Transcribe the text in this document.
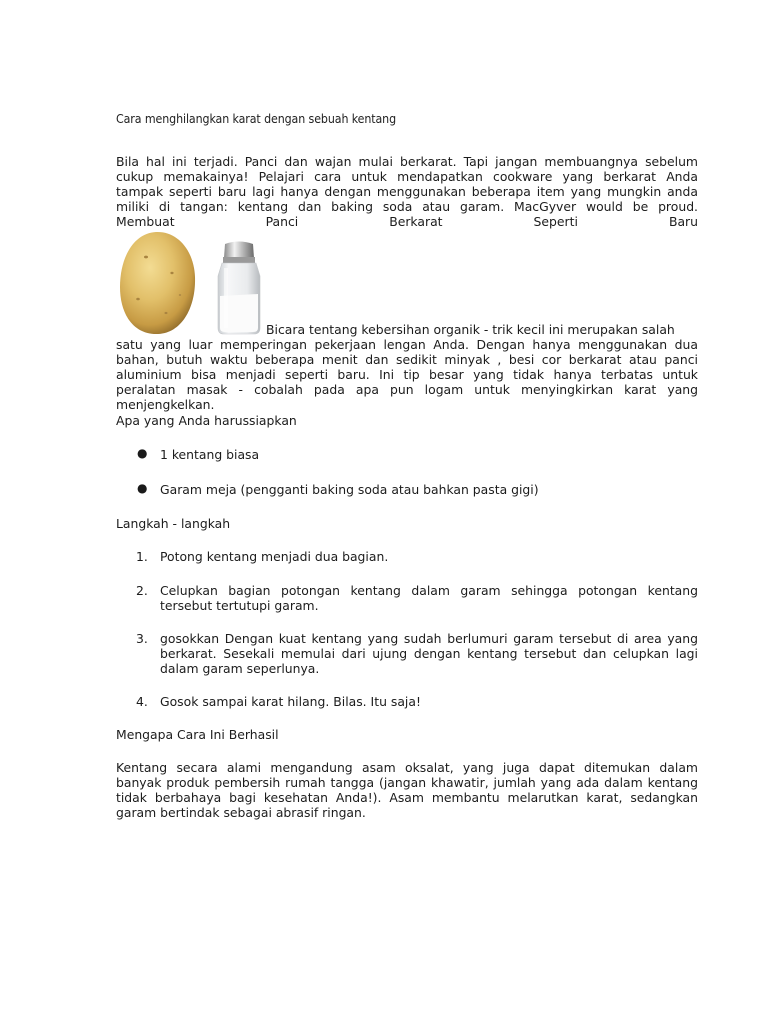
Cara menghilangkan karat dengan sebuah kentang
Bila hal ini terjadi. Panci dan wajan mulai berkarat. Tapi jangan membuangnya sebelum
cukup memakainya! Pelajari cara untuk mendapatkan cookware yang berkarat Anda
tampak seperti baru lagi hanya dengan menggunakan beberapa item yang mungkin anda
miliki di tangan: kentang dan baking soda atau garam. MacGyver would be proud.
Membuat Panci Berkarat Seperti Baru
Bicara tentang kebersihan organik - trik kecil ini merupakan salah
satu yang luar memperingan pekerjaan lengan Anda. Dengan hanya menggunakan dua
bahan, butuh waktu beberapa menit dan sedikit minyak , besi cor berkarat atau panci
aluminium bisa menjadi seperti baru. Ini tip besar yang tidak hanya terbatas untuk
peralatan masak - cobalah pada apa pun logam untuk menyingkirkan karat yang
menjengkelkan.
Apa yang Anda harussiapkan
● 1 kentang biasa
● Garam meja (pengganti baking soda atau bahkan pasta gigi)
Langkah - langkah
1. Potong kentang menjadi dua bagian.
2. Celupkan bagian potongan kentang dalam garam sehingga potongan kentang
tersebut tertutupi garam.
3. gosokkan Dengan kuat kentang yang sudah berlumuri garam tersebut di area yang
berkarat. Sesekali memulai dari ujung dengan kentang tersebut dan celupkan lagi
dalam garam seperlunya.
4. Gosok sampai karat hilang. Bilas. Itu saja!
Mengapa Cara Ini Berhasil
Kentang secara alami mengandung asam oksalat, yang juga dapat ditemukan dalam
banyak produk pembersih rumah tangga (jangan khawatir, jumlah yang ada dalam kentang
tidak berbahaya bagi kesehatan Anda!). Asam membantu melarutkan karat, sedangkan
garam bertindak sebagai abrasif ringan.
